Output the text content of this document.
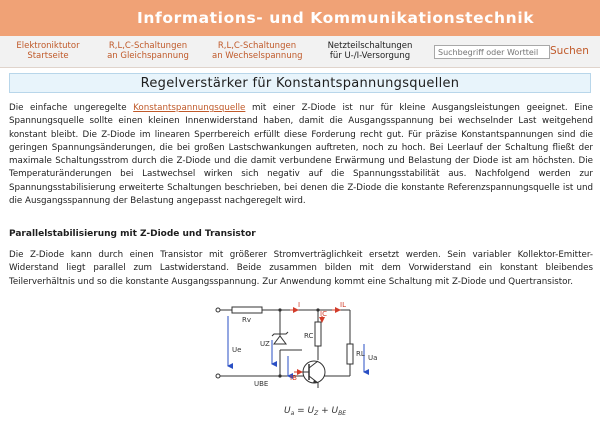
Informations- und Kommunikationstechnik
Elektroniktutor
Startseite
R,L,C-Schaltungen
an Gleichspannung
R,L,C-Schaltungen
an Wechselspannung
Netzteilschaltungen
für U-/I-Versorgung
Suchbegriff oder Wortteil	Suchen
Regelverstärker für Konstantspannungsquellen
Die einfache ungeregelte Konstantspannungsquelle mit einer Z-Diode ist nur für kleine Ausgangsleistungen geeignet. Eine Spannungsquelle sollte einen kleinen Innenwiderstand haben, damit die Ausgangsspannung bei wechselnder Last weitgehend konstant bleibt. Die Z-Diode im linearen Sperrbereich erfüllt diese Forderung recht gut. Für präzise Konstantspannungen sind die geringen Spannungsänderungen, die bei großen Lastschwankungen auftreten, noch zu hoch. Bei Leerlauf der Schaltung fließt der maximale Schaltungsstrom durch die Z-Diode und die damit verbundene Erwärmung und Belastung der Diode ist am höchsten. Die Temperaturänderungen bei Lastwechsel wirken sich negativ auf die Spannungsstabilität aus. Nachfolgend werden zur Spannungsstabilisierung erweiterte Schaltungen beschrieben, bei denen die Z-Diode die konstante Referenzspannungsquelle ist und die Ausgangsspannung der Belastung angepasst nachgeregelt wird.
Parallelstabilisierung mit Z-Diode und Transistor
Die Z-Diode kann durch einen Transistor mit größerer Stromverträglichkeit ersetzt werden. Sein variabler Kollektor-Emitter-Widerstand liegt parallel zum Lastwiderstand. Beide zusammen bilden mit dem Vorwiderstand ein konstant bleibendes Teilerverhältnis und so die konstante Ausgangsspannung. Zur Anwendung kommt eine Schaltung mit Z-Diode und Quertransistor.
Rv
I
IC
IL
Ue
UZ
RC
RL Ua
UBE
IB
$U_a = U_Z + U_{BE}$
